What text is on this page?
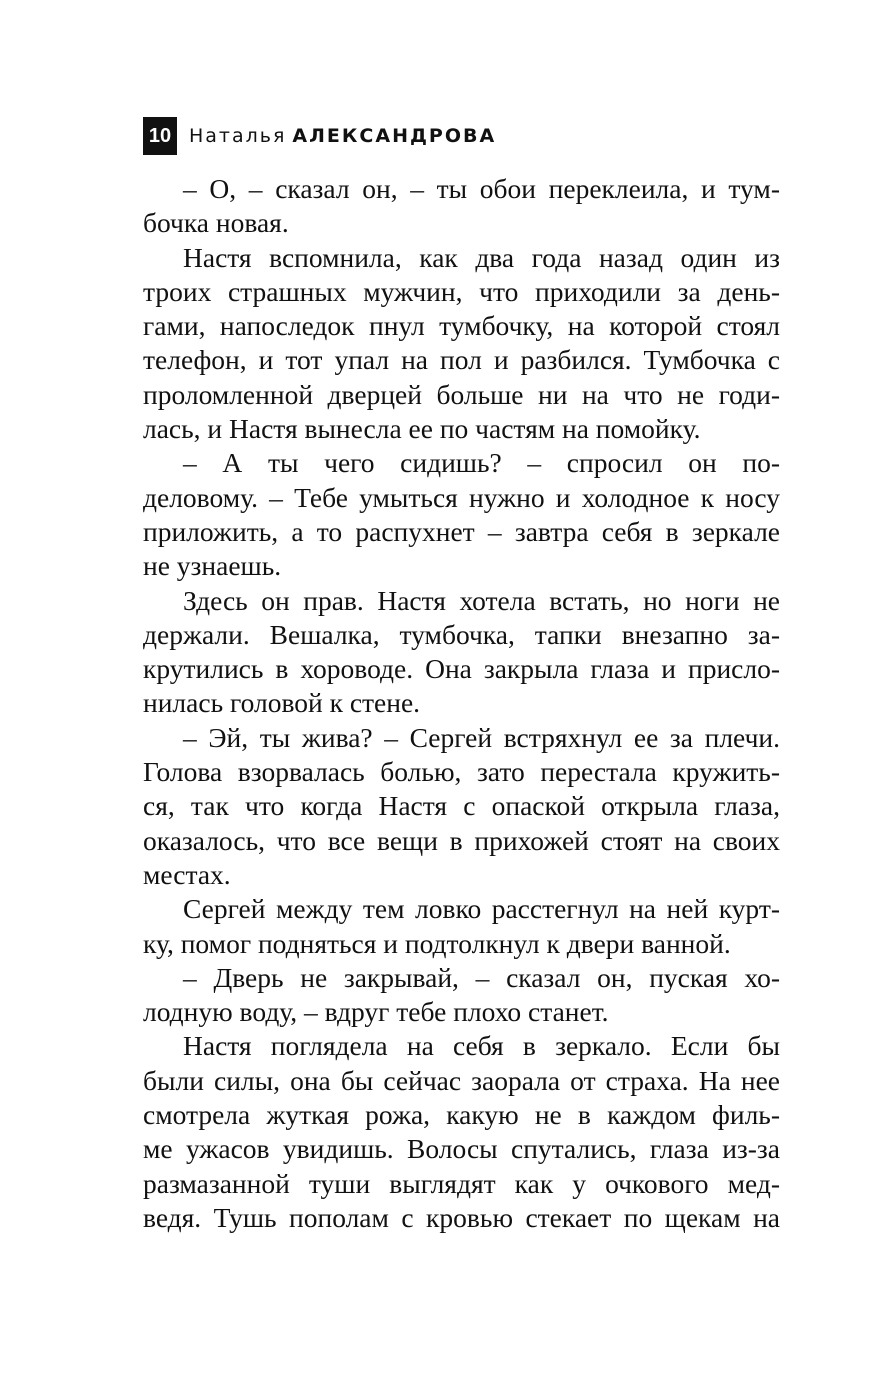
10 Наталья АЛЕКСАНДРОВА
– О, – сказал он, – ты обои переклеила, и тум-
бочка новая.
Настя вспомнила, как два года назад один из
троих страшных мужчин, что приходили за день-
гами, напоследок пнул тумбочку, на которой стоял
телефон, и тот упал на пол и разбился. Тумбочка с
проломленной дверцей больше ни на что не годи-
лась, и Настя вынесла ее по частям на помойку.
– А ты чего сидишь? – спросил он по-
деловому. – Тебе умыться нужно и холодное к носу
приложить, а то распухнет – завтра себя в зеркале
не узнаешь.
Здесь он прав. Настя хотела встать, но ноги не
держали. Вешалка, тумбочка, тапки внезапно за-
крутились в хороводе. Она закрыла глаза и присло-
нилась головой к стене.
– Эй, ты жива? – Сергей встряхнул ее за плечи.
Голова взорвалась болью, зато перестала кружить-
ся, так что когда Настя с опаской открыла глаза,
оказалось, что все вещи в прихожей стоят на своих
местах.
Сергей между тем ловко расстегнул на ней курт-
ку, помог подняться и подтолкнул к двери ванной.
– Дверь не закрывай, – сказал он, пуская хо-
лодную воду, – вдруг тебе плохо станет.
Настя поглядела на себя в зеркало. Если бы
были силы, она бы сейчас заорала от страха. На нее
смотрела жуткая рожа, какую не в каждом филь-
ме ужасов увидишь. Волосы спутались, глаза из-за
размазанной туши выглядят как у очкового мед-
ведя. Тушь пополам с кровью стекает по щекам на
